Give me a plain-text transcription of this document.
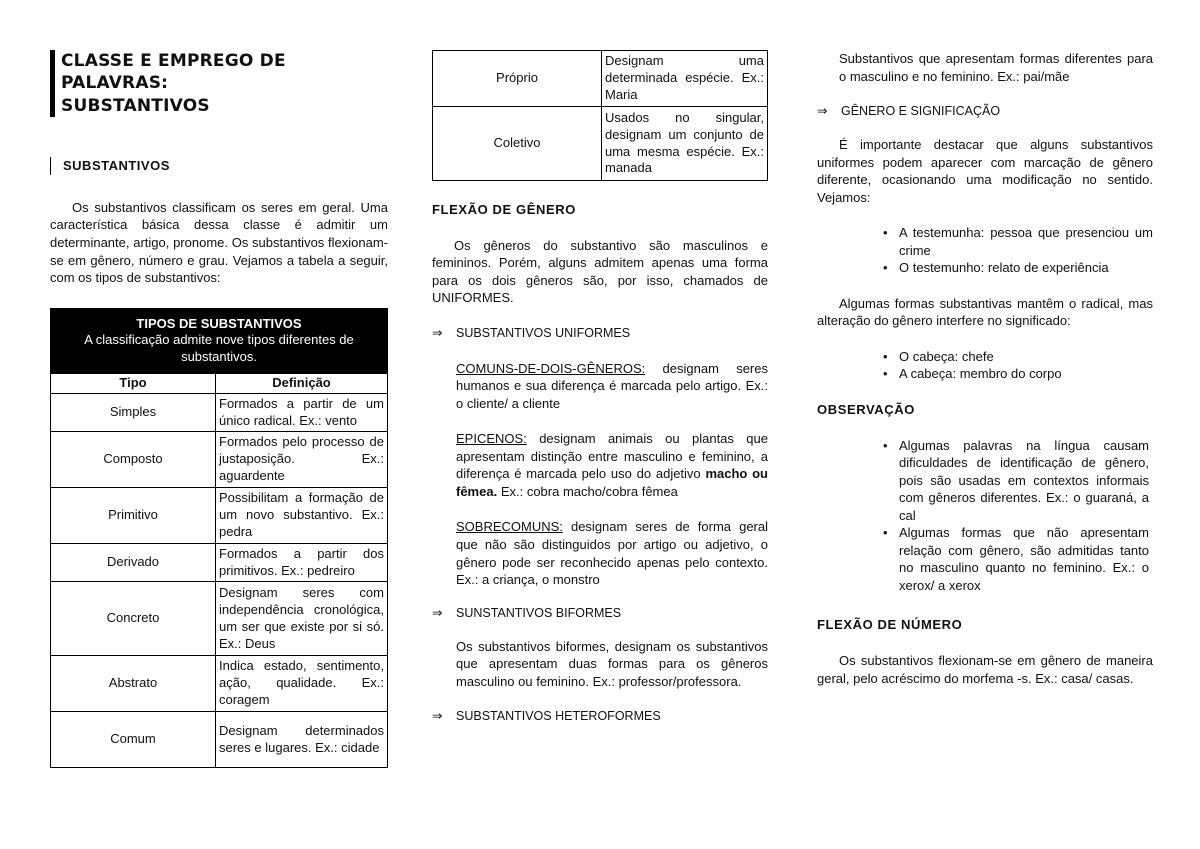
CLASSE E EMPREGO DE PALAVRAS:
SUBSTANTIVOS
SUBSTANTIVOS

Os substantivos classificam os seres em geral. Uma característica básica dessa classe é admitir um determinante, artigo, pronome. Os substantivos flexionam-se em gênero, número e grau. Vejamos a tabela a seguir, com os tipos de substantivos:

TIPOS DE SUBSTANTIVOS
A classificação admite nove tipos diferentes de substantivos.	
Tipo	Definição
Simples	Formados a partir de um único radical. Ex.: vento
Composto	Formados pelo processo de justaposição. Ex.: aguardente
Primitivo	Possibilitam a formação de um novo substantivo. Ex.: pedra
Derivado	Formados a partir dos primitivos. Ex.: pedreiro
Concreto	Designam seres com independência cronológica, um ser que existe por si só. Ex.: Deus
Abstrato	Indica estado, sentimento, ação, qualidade. Ex.: coragem
Comum	Designam determinados seres e lugares. Ex.: cidade
Próprio	Designam uma determinada espécie. Ex.: Maria
Coletivo	Usados no singular, designam um conjunto de uma mesma espécie. Ex.: manada
FLEXÃO DE GÊNERO

Os gêneros do substantivo são masculinos e femininos. Porém, alguns admitem apenas uma forma para os dois gêneros são, por isso, chamados de UNIFORMES.

⇒	SUBSTANTIVOS UNIFORMES

COMUNS-DE-DOIS-GÊNEROS: designam seres humanos e sua diferença é marcada pelo artigo. Ex.: o cliente/ a cliente

EPICENOS: designam animais ou plantas que apresentam distinção entre masculino e feminino, a diferença é marcada pelo uso do adjetivo macho ou fêmea. Ex.: cobra macho/cobra fêmea

SOBRECOMUNS: designam seres de forma geral que não são distinguidos por artigo ou adjetivo, o gênero pode ser reconhecido apenas pelo contexto. Ex.: a criança, o monstro

⇒	SUNSTANTIVOS BIFORMES

Os substantivos biformes, designam os substantivos que apresentam duas formas para os gêneros masculino ou feminino. Ex.: professor/professora.

⇒	SUBSTANTIVOS HETEROFORMES

Substantivos que apresentam formas diferentes para o masculino e no feminino. Ex.: pai/mãe

⇒	GÊNERO E SIGNIFICAÇÃO

É importante destacar que alguns substantivos uniformes podem aparecer com marcação de gênero diferente, ocasionando uma modificação no sentido. Vejamos:

• A testemunha: pessoa que presenciou um crime
• O testemunho: relato de experiência

Algumas formas substantivas mantêm o radical, mas alteração do gênero interfere no significado:

• O cabeça: chefe
• A cabeça: membro do corpo
OBSERVAÇÃO
• Algumas palavras na língua causam dificuldades de identificação de gênero, pois são usadas em contextos informais com gêneros diferentes. Ex.: o guaraná, a cal
• Algumas formas que não apresentam relação com gênero, são admitidas tanto no masculino quanto no feminino. Ex.: o xerox/ a xerox
FLEXÃO DE NÚMERO

Os substantivos flexionam-se em gênero de maneira geral, pelo acréscimo do morfema -s. Ex.: casa/ casas.
